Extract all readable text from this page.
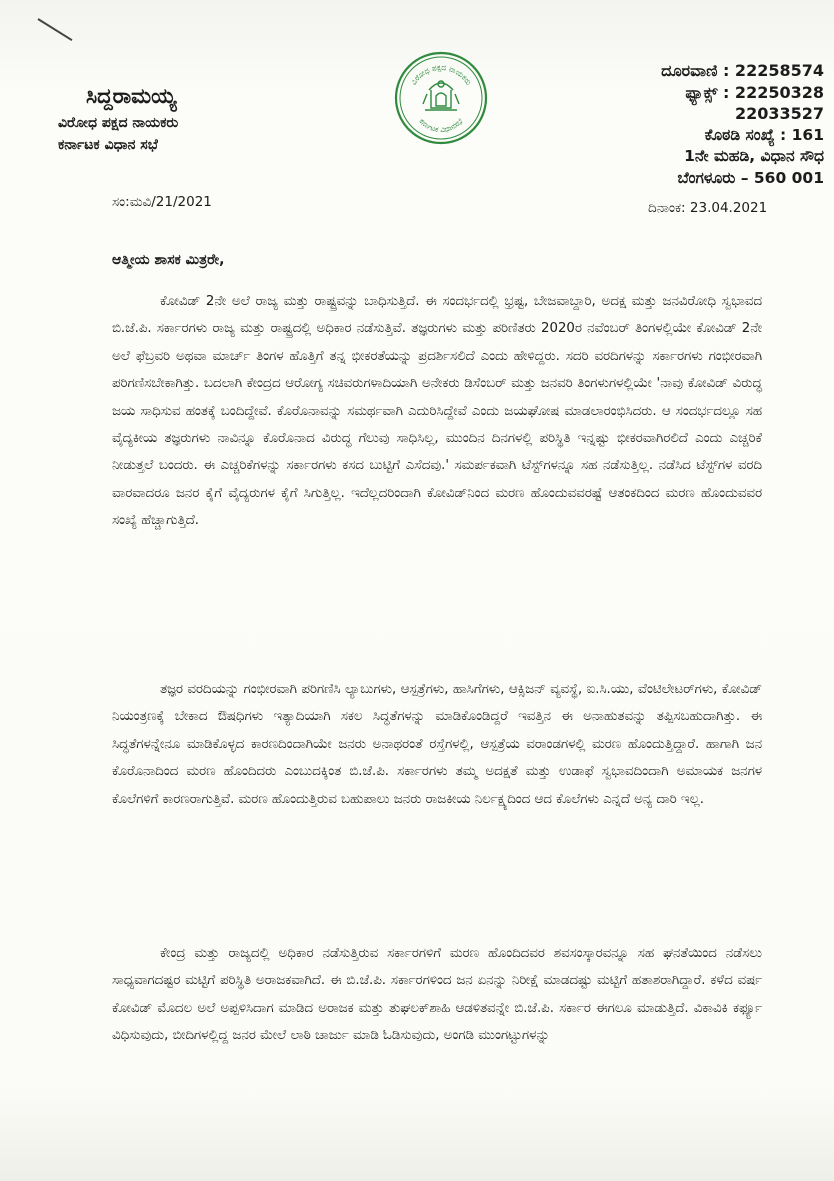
ಸಿದ್ದರಾಮಯ್ಯ
ವಿರೋಧ ಪಕ್ಷದ ನಾಯಕರು
ಕರ್ನಾಟಕ ವಿಧಾನ ಸಭೆ
ವಿರೋಧ ಪಕ್ಷದ ನಾಯಕರು
ಕರ್ನಾಟಕ ವಿಧಾನಸಭೆ
ದೂರವಾಣಿ : 22258574
ಫ್ಯಾಕ್ಸ್ : 22250328
22033527
ಕೊಠಡಿ ಸಂಖ್ಯೆ : 161
1ನೇ ಮಹಡಿ, ವಿಧಾನ ಸೌಧ
ಬೆಂಗಳೂರು – 560 001
ಸಂ:ಮವಿ/21/2021	ದಿನಾಂಕ: 23.04.2021
ಆತ್ಮೀಯ ಶಾಸಕ ಮಿತ್ರರೇ,
ಕೋವಿಡ್ 2ನೇ ಅಲೆ ರಾಜ್ಯ ಮತ್ತು ರಾಷ್ಟ್ರವನ್ನು ಬಾಧಿಸುತ್ತಿದೆ. ಈ ಸಂದರ್ಭದಲ್ಲಿ ಭ್ರಷ್ಟ, ಬೇಜವಾಬ್ದಾರಿ, ಅದಕ್ಷ ಮತ್ತು ಜನವಿರೋಧಿ ಸ್ವಭಾವದ ಬಿ.ಜೆ.ಪಿ. ಸರ್ಕಾರಗಳು ರಾಜ್ಯ ಮತ್ತು ರಾಷ್ಟ್ರದಲ್ಲಿ ಅಧಿಕಾರ ನಡೆಸುತ್ತಿವೆ. ತಜ್ಞರುಗಳು ಮತ್ತು ಪರಿಣಿತರು 2020ರ ನವೆಂಬರ್ ತಿಂಗಳಲ್ಲಿಯೇ ಕೋವಿಡ್ 2ನೇ ಅಲೆ ಫೆಬ್ರವರಿ ಅಥವಾ ಮಾರ್ಚ್ ತಿಂಗಳ ಹೊತ್ತಿಗೆ ತನ್ನ ಭೀಕರತೆಯನ್ನು ಪ್ರದರ್ಶಿಸಲಿದೆ ಎಂದು ಹೇಳಿದ್ದರು. ಸದರಿ ವರದಿಗಳನ್ನು ಸರ್ಕಾರಗಳು ಗಂಭೀರವಾಗಿ ಪರಿಗಣಿಸಬೇಕಾಗಿತ್ತು. ಬದಲಾಗಿ ಕೇಂದ್ರದ ಆರೋಗ್ಯ ಸಚಿವರುಗಳಾದಿಯಾಗಿ ಅನೇಕರು ಡಿಸೆಂಬರ್ ಮತ್ತು ಜನವರಿ ತಿಂಗಳುಗಳಲ್ಲಿಯೇ 'ನಾವು ಕೋವಿಡ್ ವಿರುದ್ಧ ಜಯ ಸಾಧಿಸುವ ಹಂತಕ್ಕೆ ಬಂದಿದ್ದೇವೆ. ಕೊರೊನಾವನ್ನು ಸಮರ್ಥವಾಗಿ ಎದುರಿಸಿದ್ದೇವೆ ಎಂದು ಜಯಘೋಷ ಮಾಡಲಾರಂಭಿಸಿದರು. ಆ ಸಂದರ್ಭದಲ್ಲೂ ಸಹ ವೈದ್ಯಕೀಯ ತಜ್ಞರುಗಳು ನಾವಿನ್ನೂ ಕೊರೊನಾದ ವಿರುದ್ಧ ಗೆಲುವು ಸಾಧಿಸಿಲ್ಲ, ಮುಂದಿನ ದಿನಗಳಲ್ಲಿ ಪರಿಸ್ಥಿತಿ ಇನ್ನಷ್ಟು ಭೀಕರವಾಗಿರಲಿದೆ ಎಂದು ಎಚ್ಚರಿಕೆ ನೀಡುತ್ತಲೆ ಬಂದರು. ಈ ಎಚ್ಚರಿಕೆಗಳನ್ನು ಸರ್ಕಾರಗಳು ಕಸದ ಬುಟ್ಟಿಗೆ ಎಸೆದವು.' ಸಮರ್ಪಕವಾಗಿ ಟೆಸ್ಟ್‌ಗಳನ್ನೂ ಸಹ ನಡೆಸುತ್ತಿಲ್ಲ. ನಡೆಸಿದ ಟೆಸ್ಟ್‌ಗಳ ವರದಿ ವಾರವಾದರೂ ಜನರ ಕೈಗೆ ವೈದ್ಯರುಗಳ ಕೈಗೆ ಸಿಗುತ್ತಿಲ್ಲ. ಇದೆಲ್ಲದರಿಂದಾಗಿ ಕೋವಿಡ್‌ನಿಂದ ಮರಣ ಹೊಂದುವವರಷ್ಟೆ ಆತಂಕದಿಂದ ಮರಣ ಹೊಂದುವವರ ಸಂಖ್ಯೆ ಹೆಚ್ಚಾಗುತ್ತಿದೆ.
ತಜ್ಞರ ವರದಿಯನ್ನು ಗಂಭೀರವಾಗಿ ಪರಿಗಣಿಸಿ ಲ್ಯಾಬುಗಳು, ಆಸ್ಪತ್ರೆಗಳು, ಹಾಸಿಗೆಗಳು, ಆಕ್ಸಿಜನ್ ವ್ಯವಸ್ಥೆ, ಐ.ಸಿ.ಯು, ವೆಂಟಿಲೇಟರ್‌ಗಳು, ಕೋವಿಡ್ ನಿಯಂತ್ರಣಕ್ಕೆ ಬೇಕಾದ ಔಷಧಿಗಳು ಇತ್ಯಾದಿಯಾಗಿ ಸಕಲ ಸಿದ್ಧತೆಗಳನ್ನು ಮಾಡಿಕೊಂಡಿದ್ದರೆ ಇವತ್ತಿನ ಈ ಅನಾಹುತವನ್ನು ತಪ್ಪಿಸಬಹುದಾಗಿತ್ತು. ಈ ಸಿದ್ಧತೆಗಳನ್ನೇನೂ ಮಾಡಿಕೊಳ್ಳದ ಕಾರಣದಿಂದಾಗಿಯೇ ಜನರು ಅನಾಥರಂತೆ ರಸ್ತೆಗಳಲ್ಲಿ, ಆಸ್ಪತ್ರೆಯ ವರಾಂಡಗಳಲ್ಲಿ ಮರಣ ಹೊಂದುತ್ತಿದ್ದಾರೆ. ಹಾಗಾಗಿ ಜನ ಕೊರೊನಾದಿಂದ ಮರಣ ಹೊಂದಿದರು ಎಂಬುದಕ್ಕಿಂತ ಬಿ.ಜೆ.ಪಿ. ಸರ್ಕಾರಗಳು ತಮ್ಮ ಅದಕ್ಷತೆ ಮತ್ತು ಉಡಾಫೆ ಸ್ವಭಾವದಿಂದಾಗಿ ಅಮಾಯಕ ಜನಗಳ ಕೊಲೆಗಳಿಗೆ ಕಾರಣರಾಗುತ್ತಿವೆ. ಮರಣ ಹೊಂದುತ್ತಿರುವ ಬಹುಪಾಲು ಜನರು ರಾಜಕೀಯ ನಿರ್ಲಕ್ಷ್ಯದಿಂದ ಆದ ಕೊಲೆಗಳು ಎನ್ನದೆ ಅನ್ಯ ದಾರಿ ಇಲ್ಲ.
ಕೇಂದ್ರ ಮತ್ತು ರಾಜ್ಯದಲ್ಲಿ ಅಧಿಕಾರ ನಡೆಸುತ್ತಿರುವ ಸರ್ಕಾರಗಳಿಗೆ ಮರಣ ಹೊಂದಿದವರ ಶವಸಂಸ್ಕಾರವನ್ನೂ ಸಹ ಘನತೆಯಿಂದ ನಡೆಸಲು ಸಾಧ್ಯವಾಗದಷ್ಟರ ಮಟ್ಟಿಗೆ ಪರಿಸ್ಥಿತಿ ಅರಾಜಕವಾಗಿದೆ. ಈ ಬಿ.ಜೆ.ಪಿ. ಸರ್ಕಾರಗಳಿಂದ ಜನ ಏನನ್ನು ನಿರೀಕ್ಷೆ ಮಾಡದಷ್ಟು ಮಟ್ಟಿಗೆ ಹತಾಶರಾಗಿದ್ದಾರೆ. ಕಳೆದ ವರ್ಷ ಕೋವಿಡ್ ಮೊದಲ ಅಲೆ ಅಪ್ಪಳಿಸಿದಾಗ ಮಾಡಿದ ಅರಾಜಕ ಮತ್ತು ತುಘಲಕ್‌ಶಾಹಿ ಆಡಳಿತವನ್ನೇ ಬಿ.ಜೆ.ಪಿ. ಸರ್ಕಾರ ಈಗಲೂ ಮಾಡುತ್ತಿದೆ. ವಿಕಾವಿಕಿ ಕರ್ಫ್ಯೂ ವಿಧಿಸುವುದು, ಬೀದಿಗಳಲ್ಲಿದ್ದ ಜನರ ಮೇಲೆ ಲಾಠಿ ಚಾರ್ಜು ಮಾಡಿ ಓಡಿಸುವುದು, ಅಂಗಡಿ ಮುಂಗಟ್ಟುಗಳನ್ನು
